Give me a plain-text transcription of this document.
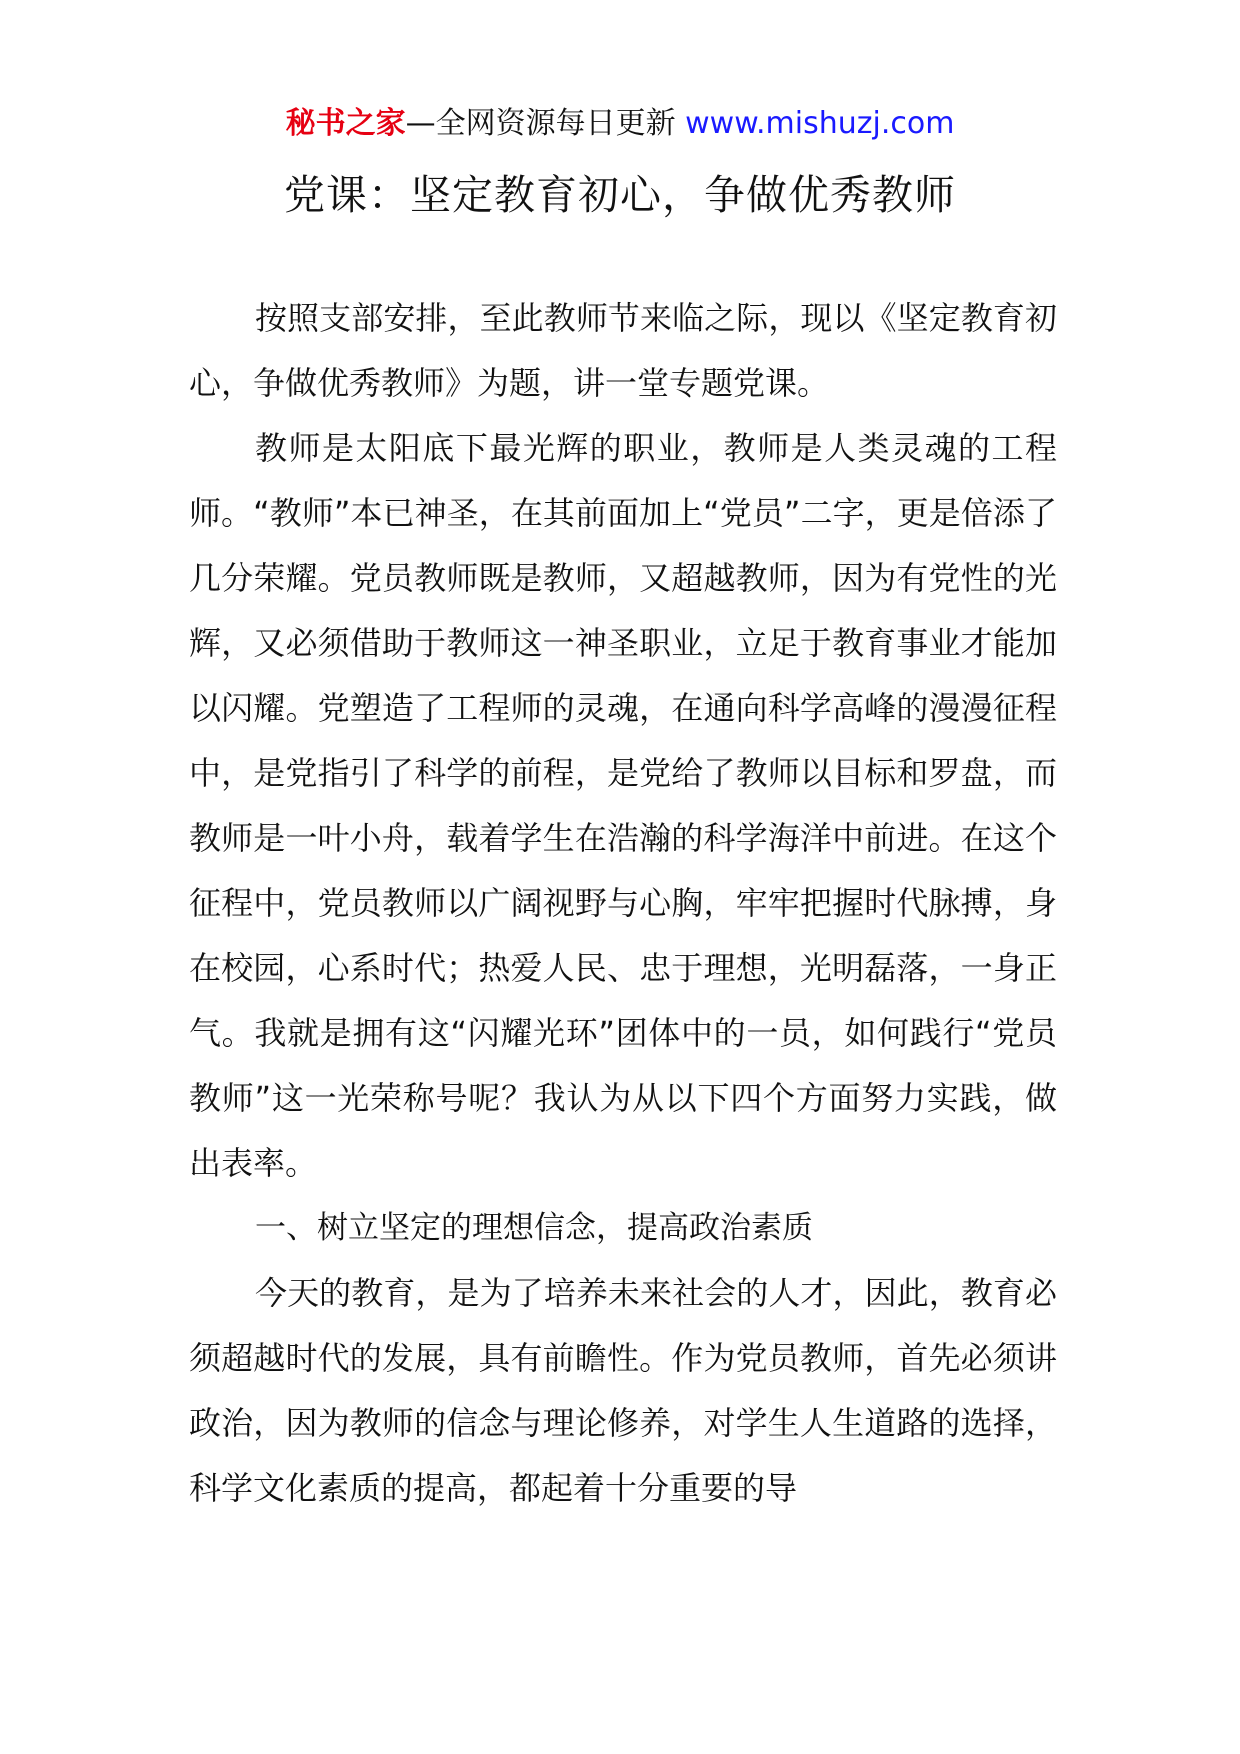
秘书之家—全网资源每日更新 www.mishuzj.com
党课：坚定教育初心，争做优秀教师

按照支部安排，至此教师节来临之际，现以《坚定教育初心，争做优秀教师》为题，讲一堂专题党课。

教师是太阳底下最光辉的职业，教师是人类灵魂的工程师。“教师”本已神圣，在其前面加上“党员”二字，更是倍添了几分荣耀。党员教师既是教师，又超越教师，因为有党性的光辉，又必须借助于教师这一神圣职业，立足于教育事业才能加以闪耀。党塑造了工程师的灵魂，在通向科学高峰的漫漫征程中，是党指引了科学的前程，是党给了教师以目标和罗盘，而教师是一叶小舟，载着学生在浩瀚的科学海洋中前进。在这个征程中，党员教师以广阔视野与心胸，牢牢把握时代脉搏，身在校园，心系时代；热爱人民、忠于理想，光明磊落，一身正气。我就是拥有这“闪耀光环”团体中的一员，如何践行“党员教师”这一光荣称号呢？我认为从以下四个方面努力实践，做出表率。

一、树立坚定的理想信念，提高政治素质

今天的教育，是为了培养未来社会的人才，因此，教育必须超越时代的发展，具有前瞻性。作为党员教师，首先必须讲政治，因为教师的信念与理论修养，对学生人生道路的选择，科学文化素质的提高，都起着十分重要的导
